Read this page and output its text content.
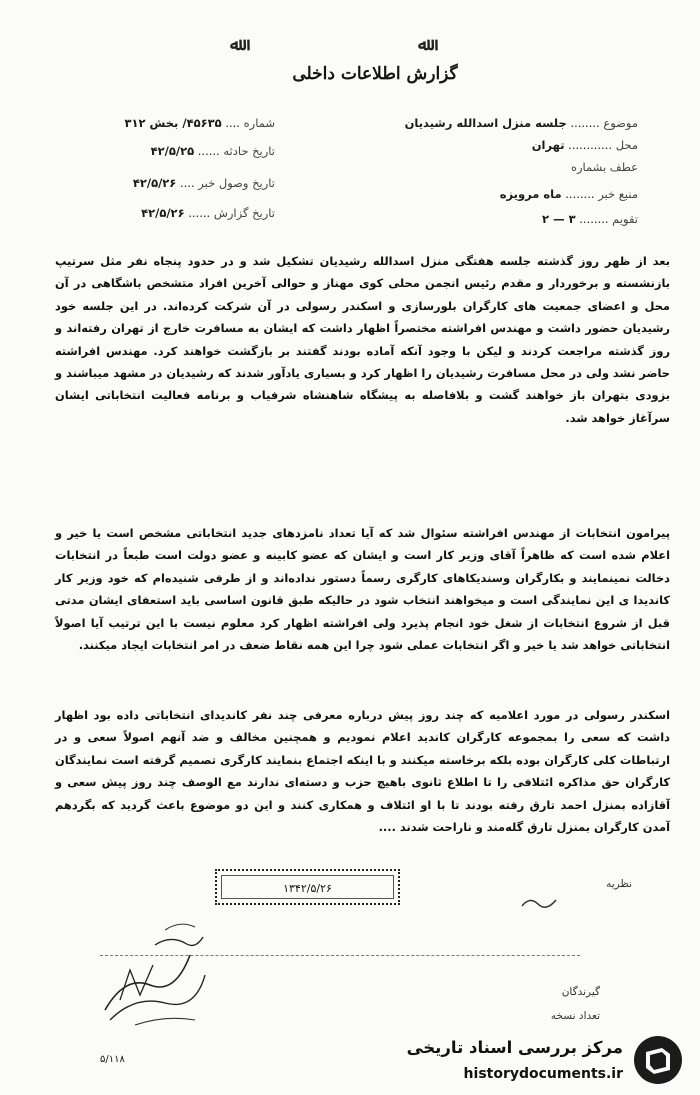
ﷲ	ﷲ
گزارش اطلاعات داخلی
موضوع ........ جلسه منزل اسدالله رشیدیان
محل ............ تهران
عطف بشماره
منبع خبر ........ ماه مرویزه
تقویم ........ ۳ — ۲
شماره .... ۴۵۶۳۵/ بخش ۳۱۲
تاریخ حادثه ...... ۴۲/۵/۲۵
تاریخ وصول خبر .... ۴۲/۵/۲۶
تاریخ گزارش ...... ۴۲/۵/۲۶
بعد از ظهر روز گذشته جلسه هفتگی منزل اسدالله رشیدیان تشکیل شد و در حدود پنجاه نفر مثل سرتیپ بازنشسته و برخوردار و مقدم رئیس انجمن محلی کوی مهناز و حوالی آخرین افراد متشخص باشگاهی در آن محل و اعضای جمعیت های کارگران بلورسازی و اسکندر رسولی در آن شرکت کرده‌اند. در این جلسه خود رشیدیان حضور داشت و مهندس افراشته مختصراً اظهار داشت که ایشان به مسافرت خارج از تهران رفته‌اند و روز گذشته مراجعت کردند و لیکن با وجود آنکه آماده بودند گفتند بر بازگشت خواهند کرد. مهندس افراشته حاضر نشد ولی در محل مسافرت رشیدیان را اظهار کرد و بسیاری یادآور شدند که رشیدیان در مشهد میباشند و بزودی بتهران باز خواهند گشت و بلافاصله به پیشگاه شاهنشاه شرفیاب و برنامه فعالیت انتخاباتی ایشان سرآغاز خواهد شد.
پیرامون انتخابات از مهندس افراشته سئوال شد که آیا تعداد نامزدهای جدید انتخاباتی مشخص است یا خیر و اعلام شده است که ظاهراً آقای وزیر کار است و ایشان که عضو کابینه و عضو دولت است طبعاً در انتخابات دخالت نمینمایند و بکارگران وسندیکاهای کارگری رسماً دستور نداده‌اند و از طرفی شنیده‌ام که خود وزیر کار کاندیدا ی این نمایندگی است و میخواهند انتخاب شود در حالیکه طبق قانون اساسی باید استعفای ایشان مدتی قبل از شروع انتخابات از شغل خود انجام پذیرد ولی افراشته اظهار کرد معلوم نیست با این ترتیب آیا اصولاً انتخاباتی خواهد شد یا خیر و اگر انتخابات عملی شود چرا این همه نقاط ضعف در امر انتخابات ایجاد میکنند.
اسکندر رسولی در مورد اعلامیه که چند روز پیش درباره معرفی چند نفر کاندیدای انتخاباتی داده بود اظهار داشت که سعی را بمجموعه کارگران کاندید اعلام نمودیم و همچنین مخالف و ضد آنهم اصولاً سعی و در ارتباطات کلی کارگران بوده بلکه برخاسته میکنند و با اینکه اجتماع بنمایند کارگری تصمیم گرفته است نمایندگان کارگران حق مذاکره ائتلافی را تا اطلاع ثانوی باهیچ حزب و دسته‌ای ندارند مع الوصف چند روز پیش سعی و آقازاده بمنزل احمد تارق رفته بودند تا با او ائتلاف و همکاری کنند و این دو موضوع باعث گردید که بگردهم آمدن کارگران بمنزل تارق گله‌مند و ناراحت شدند ....
۱۳۴۲/۵/۲۶	نظریه
گیرندگان
تعداد نسخه
۵/۱۱۸
مرکز بررسی اسناد تاریخی
historydocuments.ir
